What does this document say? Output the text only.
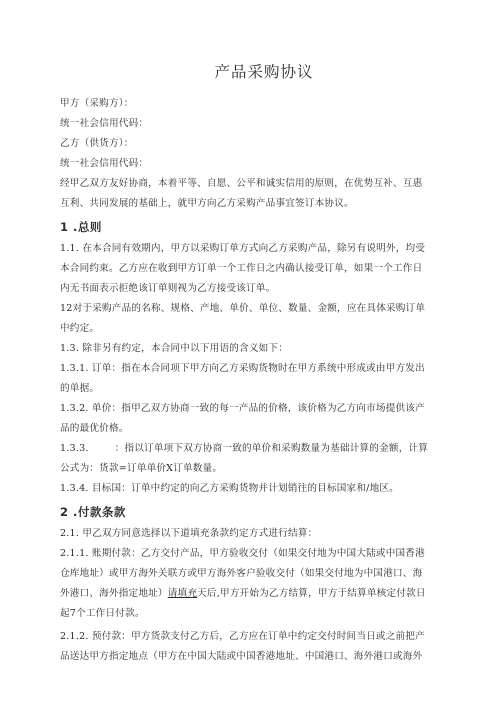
产品采购协议

甲方（采购方）：

统一社会信用代码：

乙方（供货方）：

统一社会信用代码：

经甲乙双方友好协商，本着平等、自愿、公平和诚实信用的原则，在优势互补、互惠

互利、共同发展的基础上，就甲方向乙方采购产品事宜签订本协议。

1 .总则

1.1. 在本合同有效期内，甲方以采购订单方式向乙方采购产品，除另有说明外，均受

本合同约束。乙方应在收到甲方订单一个工作日之内确认接受订单，如果一个工作日

内无书面表示拒绝该订单则视为乙方接受该订单。

12对于采购产品的名称、规格、产地、单价、单位、数量、金额，应在具体采购订单

中约定。

1.3. 除非另有约定，本合同中以下用语的含义如下：

1.3.1. 订单：指在本合同项下甲方向乙方采购货物时在甲方系统中形成或由甲方发出

的单据。

1.3.2. 单价：指甲乙双方协商一致的每一产品的价格，该价格为乙方向市场提供该产

品的最优价格。

1.3.3.	：指以订单项下双方协商一致的单价和采购数量为基础计算的金额，计算

公式为：货款=订单单价X订单数量。

1.3.4. 目标国：订单中约定的向乙方采购货物并计划销往的目标国家和/地区。

2 .付款条款

2.1. 甲乙双方同意选择以下道填充条款约定方式进行结算：

2.1.1. 账期付款：乙方交付产品，甲方验收交付（如果交付地为中国大陆或中国香港

仓库地址）或甲方海外关联方或甲方海外客户验收交付（如果交付地为中国港口、海

外港口、海外指定地址）请填充天后,甲方开始为乙方结算，甲方于结算单核定付款日

起7个工作日付款。

2.1.2. 预付款：甲方货款支付乙方后，乙方应在订单中约定交付时间当日或之前把产

品送达甲方指定地点（甲方在中国大陆或中国香港地址、中国港口、海外港口或海外
